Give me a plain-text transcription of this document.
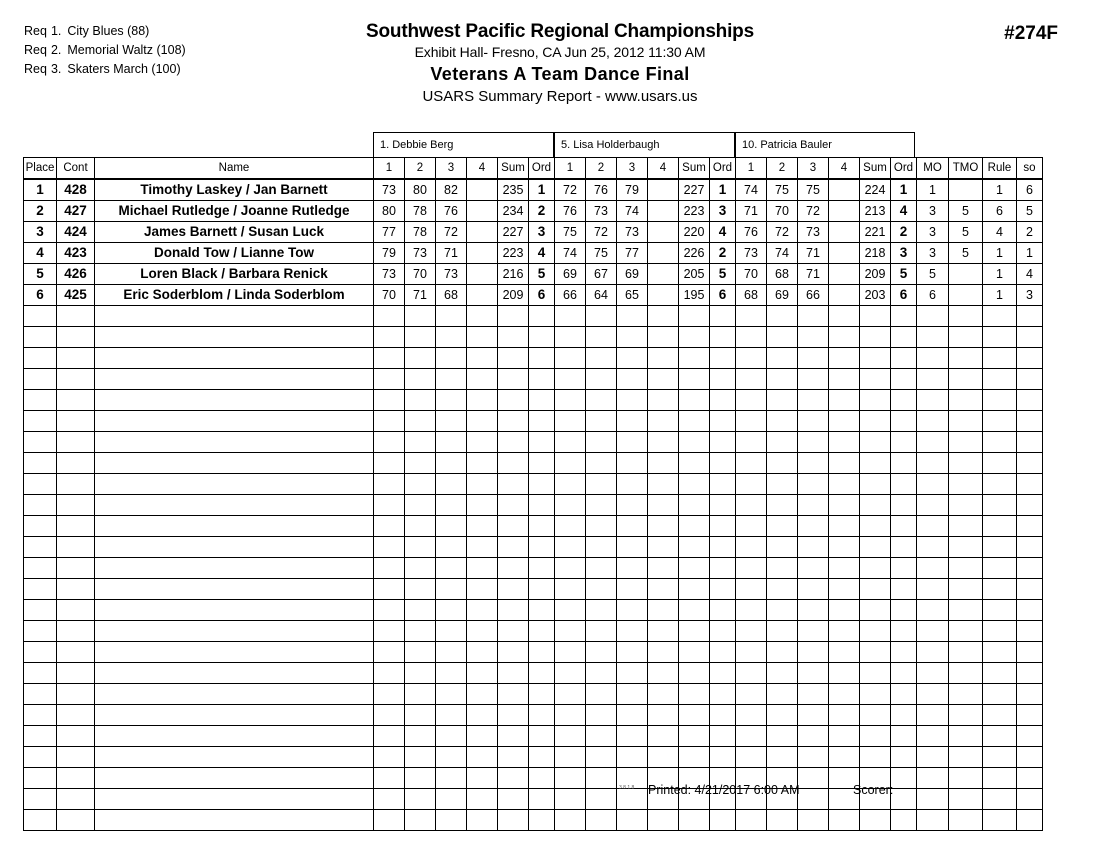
Req 1. City Blues (88)
Req 2. Memorial Waltz (108)
Req 3. Skaters March (100)
Southwest Pacific Regional Championships
Exhibit Hall- Fresno, CA Jun 25, 2012 11:30 AM
Veterans A Team Dance Final
USARS Summary Report - www.usars.us
#274F
1. Debbie Berg	5. Lisa Holderbaugh	10. Patricia Bauler
Place	Cont	Name	1	2	3	4	Sum	Ord	1	2	3	4	Sum	Ord	1	2	3	4	Sum	Ord	MO	TMO	Rule	so
1	428	Timothy Laskey / Jan Barnett	73	80	82		235	1	72	76	79		227	1	74	75	75		224	1	1		1	6
2	427	Michael Rutledge / Joanne Rutledge	80	78	76		234	2	76	73	74		223	3	71	70	72		213	4	3	5	6	5
3	424	James Barnett / Susan Luck	77	78	72		227	3	75	72	73		220	4	76	72	73		221	2	3	5	4	2
4	423	Donald Tow / Lianne Tow	79	73	71		223	4	74	75	77		226	2	73	74	71		218	3	3	5	1	1
5	426	Loren Black / Barbara Renick	73	70	73		216	5	69	67	69		205	5	70	68	71		209	5	5		1	4
6	425	Eric Soderblom / Linda Soderblom	70	71	68		209	6	66	64	65		195	6	68	69	66		203	6	6		1	3

3.8.1.8 Printed: 4/21/2017 6:00 AM	Scorer:
